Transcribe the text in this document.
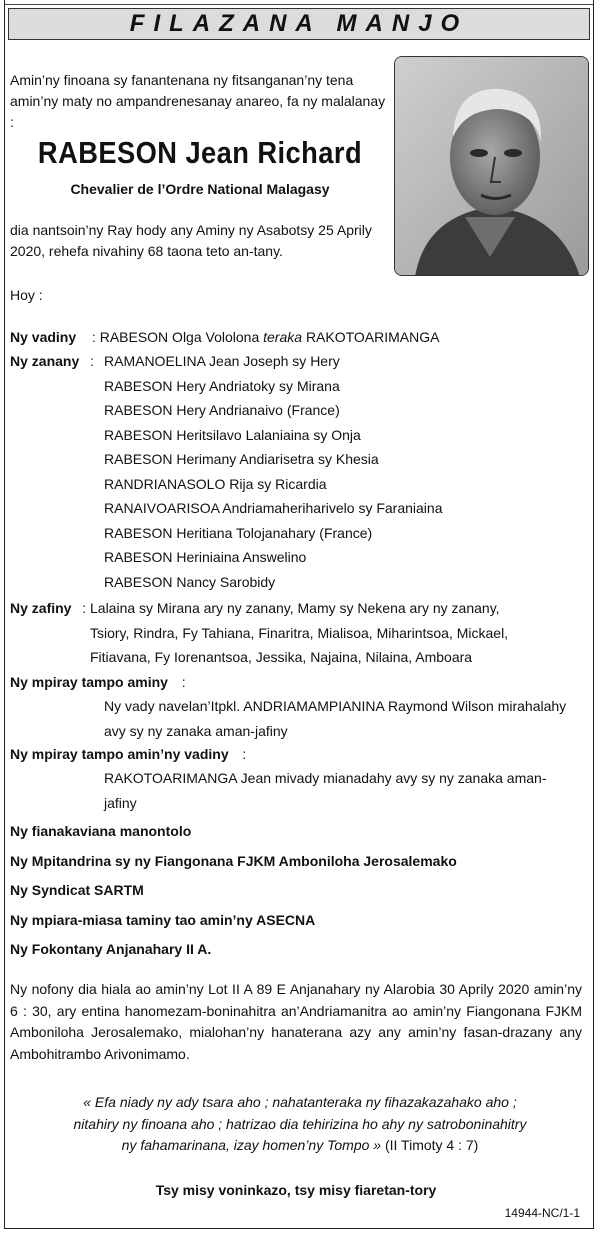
FILAZANA MANJO
Amin’ny finoana sy fanantenana ny fitsanganan’ny tena amin’ny maty no ampandrenesanay anareo, fa ny malalanay :
RABESON Jean Richard
Chevalier de l’Ordre National Malagasy
dia nantsoin’ny Ray hody any Aminy ny Asabotsy 25 Aprily 2020, rehefa nivahiny 68 taona teto an-tany.
Hoy :
Ny vadiny : RABESON Olga Vololona teraka RAKOTOARIMANGA
Ny zanany : RAMANOELINA Jean Joseph sy Hery
RABESON Hery Andriatoky sy Mirana
RABESON Hery Andrianaivo (France)
RABESON Heritsilavo Lalaniaina sy Onja
RABESON Herimany Andiarisetra sy Khesia
RANDRIANASOLO Rija sy Ricardia
RANAIVOARISOA Andriamaheriharivelo sy Faraniaina
RABESON Heritiana Tolojanahary (France)
RABESON Heriniaina Answelino
RABESON Nancy Sarobidy
Ny zafiny : Lalaina sy Mirana ary ny zanany, Mamy sy Nekena ary ny zanany,
Tsiory, Rindra, Fy Tahiana, Finaritra, Mialisoa, Miharintsoa, Mickael,
Fitiavana, Fy Iorenantsoa, Jessika, Najaina, Nilaina, Amboara
Ny mpiray tampo aminy :
Ny vady navelan’Itpkl. ANDRIAMAMPIANINA Raymond Wilson mirahalahy
avy sy ny zanaka aman-jafiny
Ny mpiray tampo amin’ny vadiny :
RAKOTOARIMANGA Jean mivady mianadahy avy sy ny zanaka aman-
jafiny
Ny fianakaviana manontolo
Ny Mpitandrina sy ny Fiangonana FJKM Amboniloha Jerosalemako
Ny Syndicat SARTM
Ny mpiara-miasa taminy tao amin’ny ASECNA
Ny Fokontany Anjanahary II A.
Ny nofony dia hiala ao amin’ny Lot II A 89 E Anjanahary ny Alarobia 30 Aprily 2020 amin’ny 6 : 30, ary entina hanomezam-boninahitra an’Andriamanitra ao amin’ny Fiangonana FJKM Amboniloha Jerosalemako, mialohan’ny hanaterana azy any amin’ny fasan-drazany any Ambohitrambo Arivonimamo.
« Efa niady ny ady tsara aho ; nahatanteraka ny fihazakazahako aho ;
nitahiry ny finoana aho ; hatrizao dia tehirizina ho ahy ny satroboninahitry
ny fahamarinana, izay homen’ny Tompo » (II Timoty 4 : 7)
Tsy misy voninkazo, tsy misy fiaretan-tory
14944-NC/1-1
